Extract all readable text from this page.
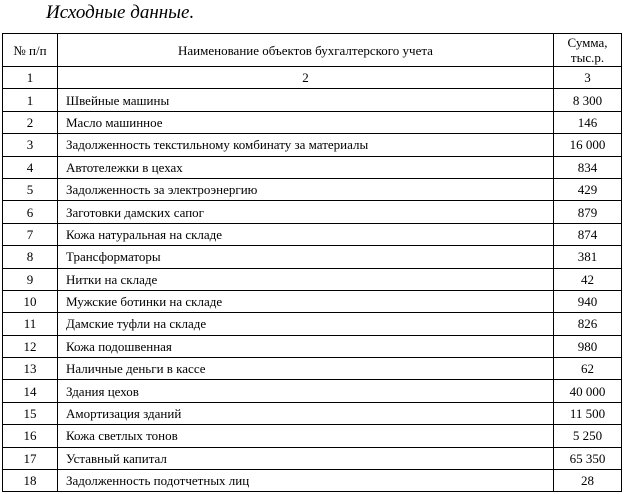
Исходные данные.
№ п/п	Наименование объектов бухгалтерского учета	Сумма, тыс.р.
1	2	3
1	Швейные машины	8 300
2	Масло машинное	146
3	Задолженность текстильному комбинату за материалы	16 000
4	Автотележки в цехах	834
5	Задолженность за электроэнергию	429
6	Заготовки дамских сапог	879
7	Кожа натуральная на складе	874
8	Трансформаторы	381
9	Нитки на складе	42
10	Мужские ботинки на складе	940
11	Дамские туфли на складе	826
12	Кожа подошвенная	980
13	Наличные деньги в кассе	62
14	Здания цехов	40 000
15	Амортизация зданий	11 500
16	Кожа светлых тонов	5 250
17	Уставный капитал	65 350
18	Задолженность подотчетных лиц	28
